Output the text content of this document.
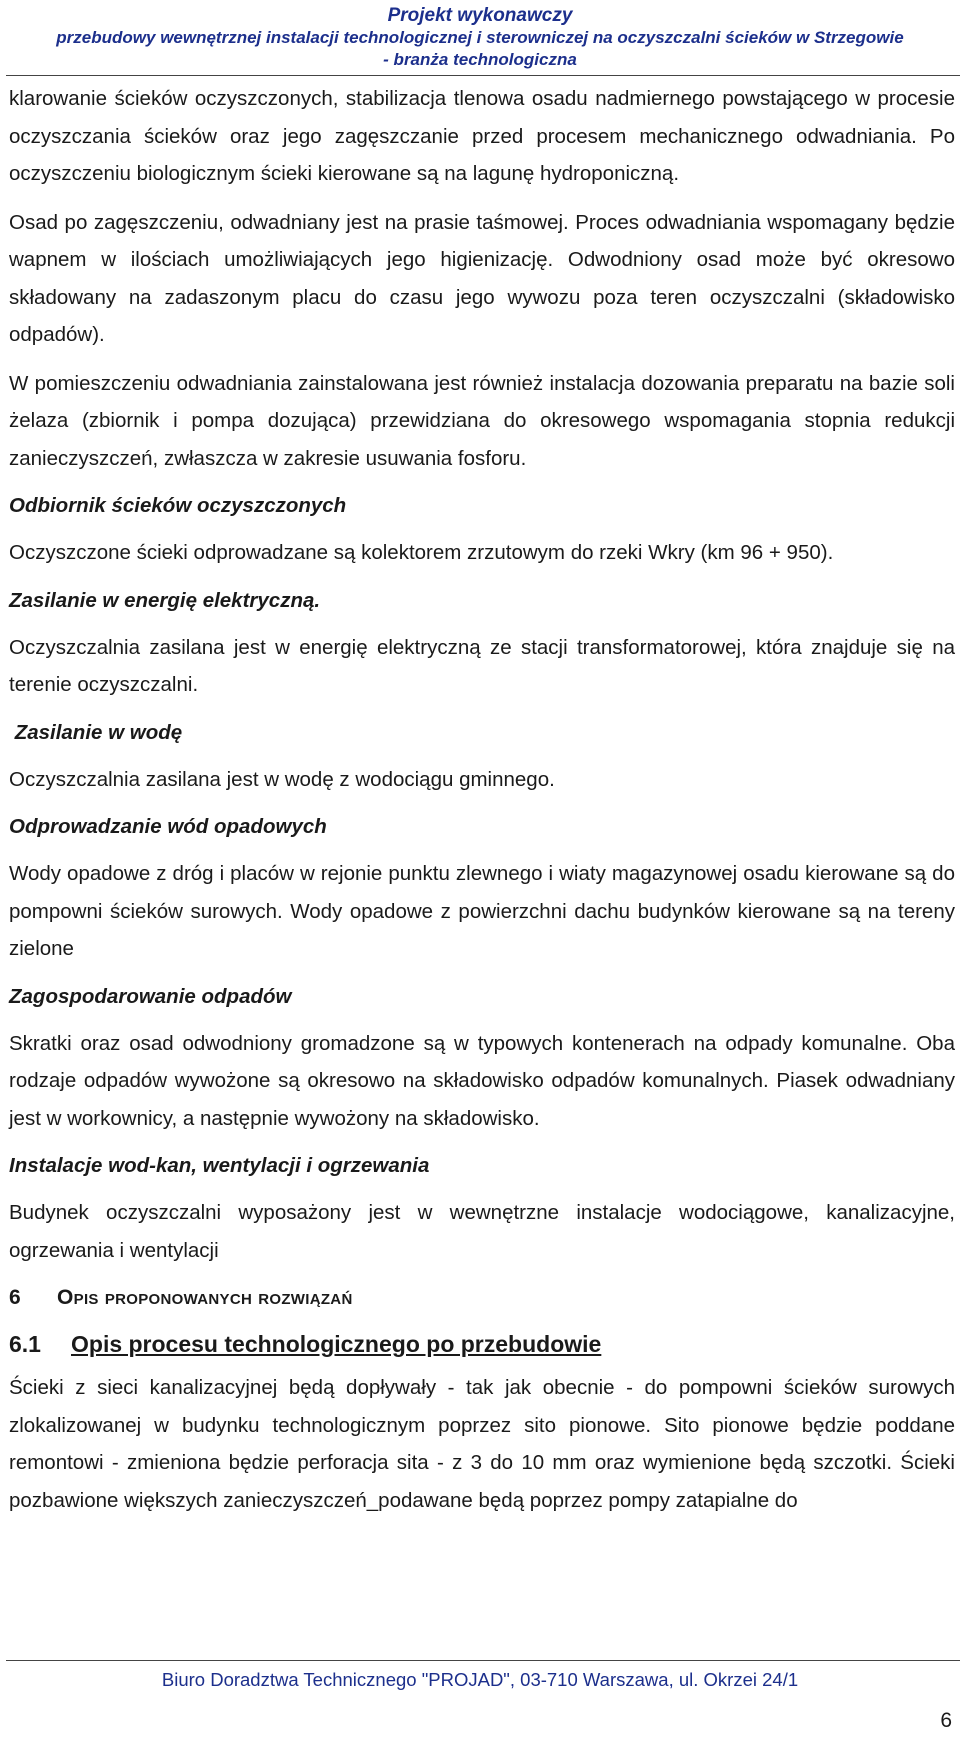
Projekt wykonawczy
przebudowy wewnętrznej instalacji technologicznej i sterowniczej na oczyszczalni ścieków w Strzegowie
- branża technologiczna

klarowanie ścieków oczyszczonych, stabilizacja tlenowa osadu nadmiernego powstającego w procesie oczyszczania ścieków oraz jego zagęszczanie przed procesem mechanicznego odwadniania. Po oczyszczeniu biologicznym ścieki kierowane są na lagunę hydroponiczną.

Osad po zagęszczeniu, odwadniany jest na prasie taśmowej. Proces odwadniania wspomagany będzie wapnem w ilościach umożliwiających jego higienizację. Odwodniony osad może być okresowo składowany na zadaszonym placu do czasu jego wywozu poza teren oczyszczalni (składowisko odpadów).

W pomieszczeniu odwadniania zainstalowana jest również instalacja dozowania preparatu na bazie soli żelaza (zbiornik i pompa dozująca) przewidziana do okresowego wspomagania stopnia redukcji zanieczyszczeń, zwłaszcza w zakresie usuwania fosforu.

Odbiornik ścieków oczyszczonych

Oczyszczone ścieki odprowadzane są kolektorem zrzutowym do rzeki Wkry (km 96 + 950).

Zasilanie w energię elektryczną.

Oczyszczalnia zasilana jest w energię elektryczną ze stacji transformatorowej, która znajduje się na terenie oczyszczalni.

Zasilanie w wodę

Oczyszczalnia zasilana jest w wodę z wodociągu gminnego.

Odprowadzanie wód opadowych

Wody opadowe z dróg i placów w rejonie punktu zlewnego i wiaty magazynowej osadu kierowane są do pompowni ścieków surowych. Wody opadowe z powierzchni dachu budynków kierowane są na tereny zielone

Zagospodarowanie odpadów

Skratki oraz osad odwodniony gromadzone są w typowych kontenerach na odpady komunalne. Oba rodzaje odpadów wywożone są okresowo na składowisko odpadów komunalnych. Piasek odwadniany jest w workownicy, a następnie wywożony na składowisko.

Instalacje wod-kan, wentylacji i ogrzewania

Budynek oczyszczalni wyposażony jest w wewnętrzne instalacje wodociągowe, kanalizacyjne, ogrzewania i wentylacji

6 Opis proponowanych rozwiązań
6.1 Opis procesu technologicznego po przebudowie

Ścieki z sieci kanalizacyjnej będą dopływały - tak jak obecnie - do pompowni ścieków surowych zlokalizowanej w budynku technologicznym poprzez sito pionowe. Sito pionowe będzie poddane remontowi - zmieniona będzie perforacja sita - z 3 do 10 mm oraz wymienione będą szczotki. Ścieki pozbawione większych zanieczyszczeń_podawane będą poprzez pompy zatapialne do

Biuro Doradztwa Technicznego "PROJAD", 03-710 Warszawa, ul. Okrzei 24/1
6
